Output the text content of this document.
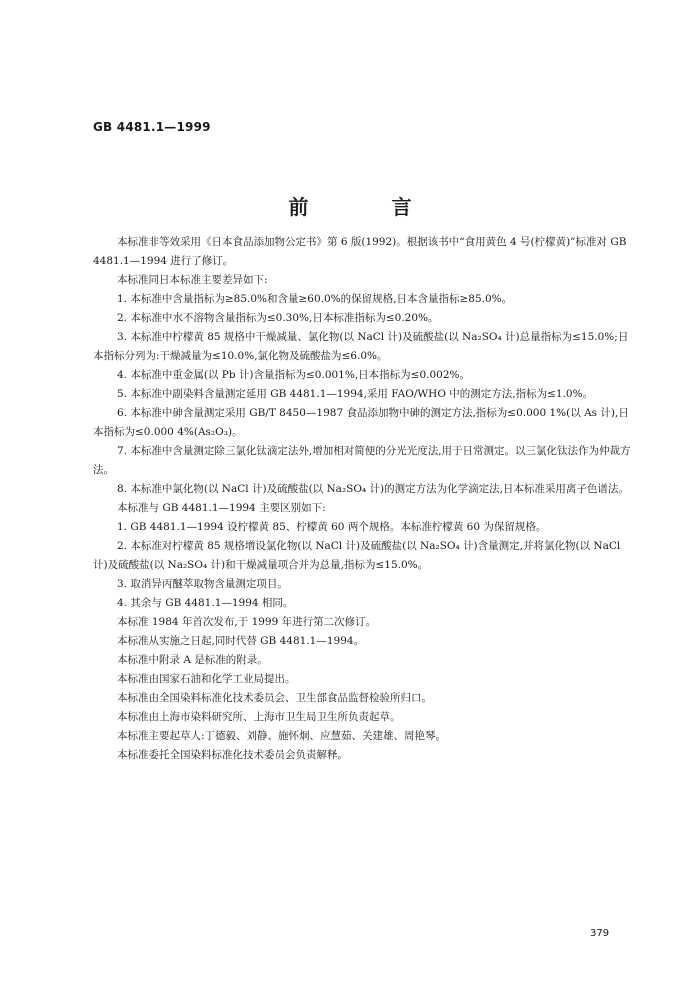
GB 4481.1—1999
前 言

本标准非等效采用《日本食品添加物公定书》第 6 版(1992)。根据该书中“食用黄色 4 号(柠檬黄)”标准对 GB 4481.1—1994 进行了修订。

本标准同日本标准主要差异如下:

1. 本标准中含量指标为≥85.0%和含量≥60.0%的保留规格,日本含量指标≥85.0%。

2. 本标准中水不溶物含量指标为≤0.30%,日本标准指标为≤0.20%。

3. 本标准中柠檬黄 85 规格中干燥减量、氯化物(以 NaCl 计)及硫酸盐(以 Na₂SO₄ 计)总量指标为≤15.0%;日本指标分列为:干燥减量为≤10.0%,氯化物及硫酸盐为≤6.0%。

4. 本标准中重金属(以 Pb 计)含量指标为≤0.001%,日本指标为≤0.002%。

5. 本标准中副染料含量测定延用 GB 4481.1—1994,采用 FAO/WHO 中的测定方法,指标为≤1.0%。

6. 本标准中砷含量测定采用 GB/T 8450—1987 食品添加物中砷的测定方法,指标为≤0.000 1%(以 As 计),日本指标为≤0.000 4%(As₂O₃)。

7. 本标准中含量测定除三氯化钛滴定法外,增加相对简便的分光光度法,用于日常测定。以三氯化钛法作为仲裁方法。

8. 本标准中氯化物(以 NaCl 计)及硫酸盐(以 Na₂SO₄ 计)的测定方法为化学滴定法,日本标准采用离子色谱法。

本标准与 GB 4481.1—1994 主要区别如下:

1. GB 4481.1—1994 设柠檬黄 85、柠檬黄 60 两个规格。本标准柠檬黄 60 为保留规格。

2. 本标准对柠檬黄 85 规格增设氯化物(以 NaCl 计)及硫酸盐(以 Na₂SO₄ 计)含量测定,并将氯化物(以 NaCl 计)及硫酸盐(以 Na₂SO₄ 计)和干燥减量项合并为总量,指标为≤15.0%。

3. 取消异丙醚萃取物含量测定项目。

4. 其余与 GB 4481.1—1994 相同。

本标准 1984 年首次发布,于 1999 年进行第二次修订。

本标准从实施之日起,同时代替 GB 4481.1—1994。

本标准中附录 A 是标准的附录。

本标准由国家石油和化学工业局提出。

本标准由全国染料标准化技术委员会、卫生部食品监督检验所归口。

本标准由上海市染料研究所、上海市卫生局卫生所负责起草。

本标准主要起草人:丁德毅、刘静、施怀炯、应慧茹、关建雄、周艳琴。

本标准委托全国染料标准化技术委员会负责解释。

379
